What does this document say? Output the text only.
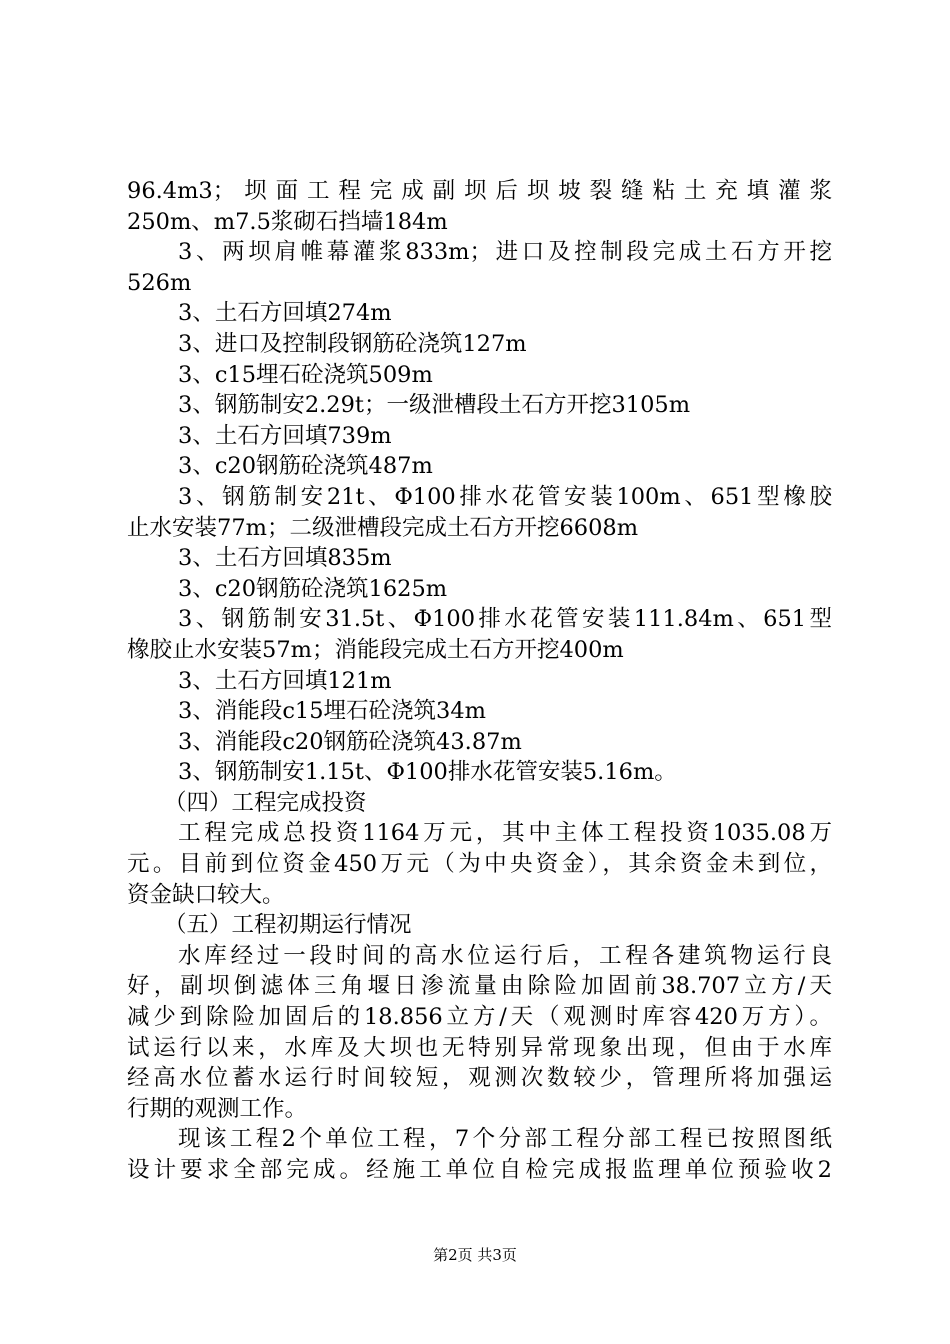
96.4m3；坝面工程完成副坝后坝坡裂缝粘土充填灌浆
250m、m7.5浆砌石挡墙184m
3、两坝肩帷幕灌浆833m；进口及控制段完成土石方开挖
526m
3、土石方回填274m
3、进口及控制段钢筋砼浇筑127m
3、c15埋石砼浇筑509m
3、钢筋制安2.29t；一级泄槽段土石方开挖3105m
3、土石方回填739m
3、c20钢筋砼浇筑487m
3、钢筋制安21t、Φ100排水花管安装100m、651型橡胶
止水安装77m；二级泄槽段完成土石方开挖6608m
3、土石方回填835m
3、c20钢筋砼浇筑1625m
3、钢筋制安31.5t、Φ100排水花管安装111.84m、651型
橡胶止水安装57m；消能段完成土石方开挖400m
3、土石方回填121m
3、消能段c15埋石砼浇筑34m
3、消能段c20钢筋砼浇筑43.87m
3、钢筋制安1.15t、Φ100排水花管安装5.16m。
（四）工程完成投资
工程完成总投资1164万元，其中主体工程投资1035.08万
元。目前到位资金450万元（为中央资金），其余资金未到位，
资金缺口较大。
（五）工程初期运行情况
水库经过一段时间的高水位运行后，工程各建筑物运行良
好，副坝倒滤体三角堰日渗流量由除险加固前38.707立方/天
减少到除险加固后的18.856立方/天（观测时库容420万方）。
试运行以来，水库及大坝也无特别异常现象出现，但由于水库
经高水位蓄水运行时间较短，观测次数较少，管理所将加强运
行期的观测工作。
现该工程2个单位工程，7个分部工程分部工程已按照图纸
设计要求全部完成。经施工单位自检完成报监理单位预验收2
第2页 共3页
